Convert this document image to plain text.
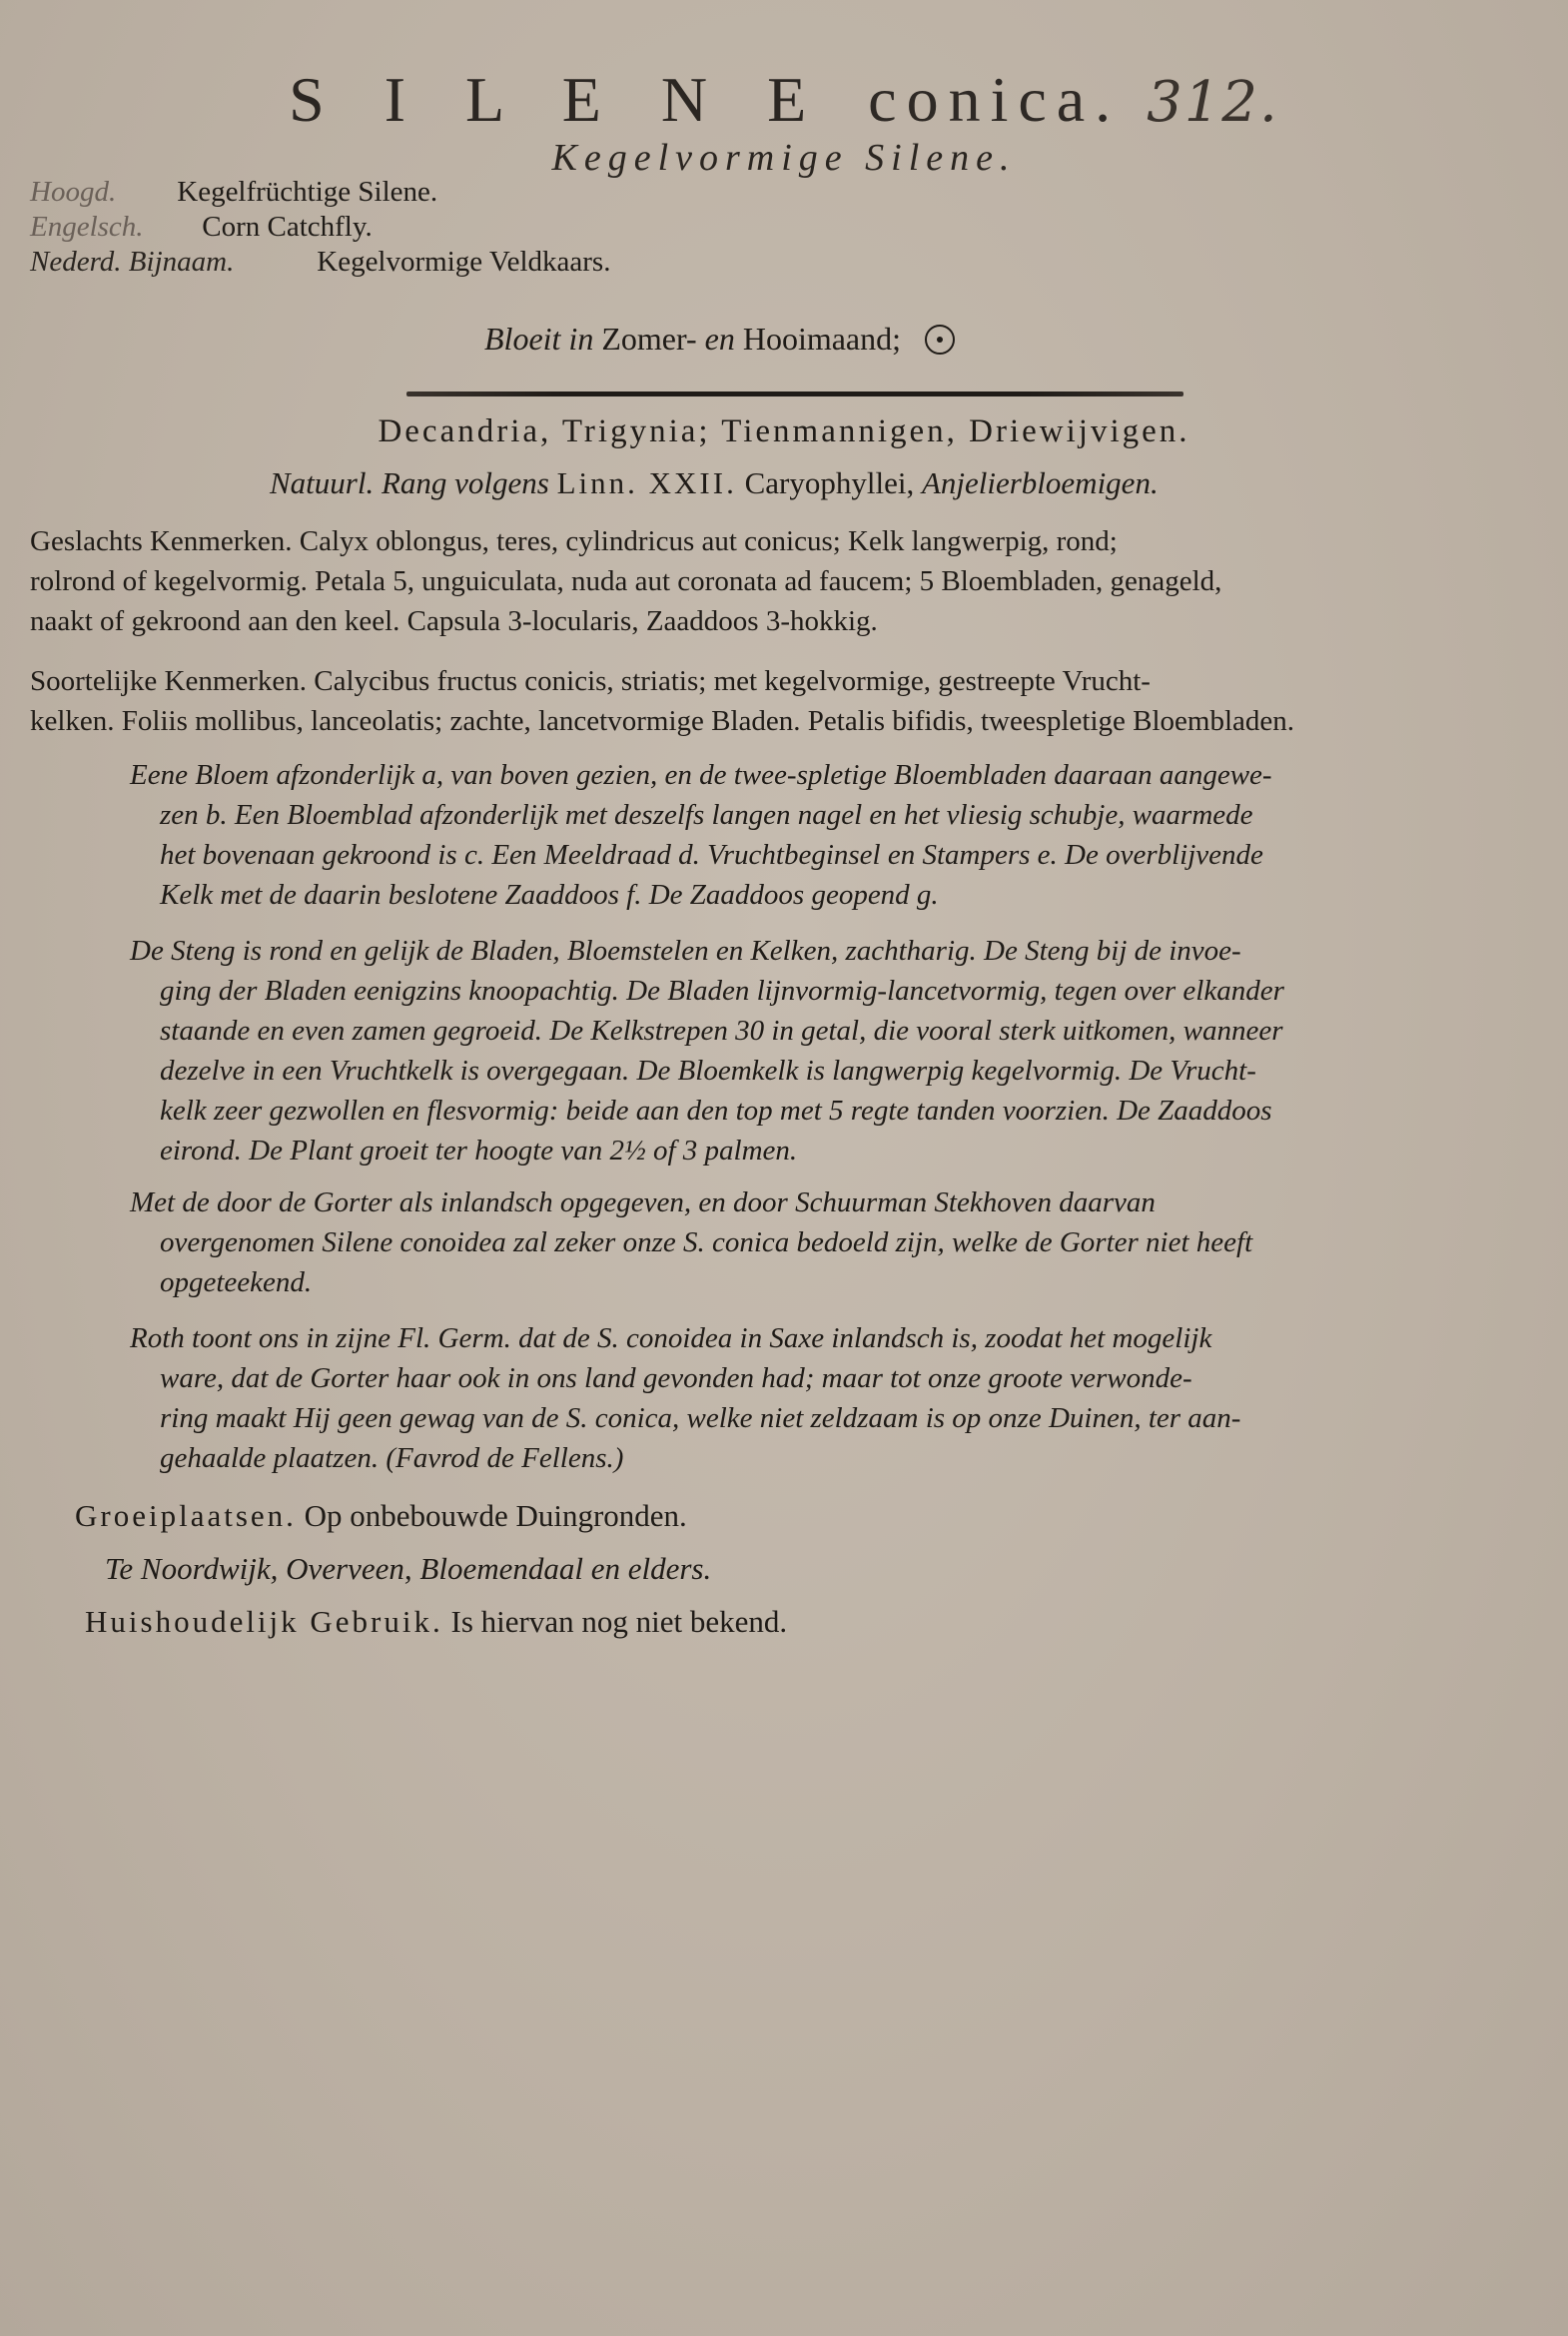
S I L E N E conica. 312.
Kegelvormige Silene.
Hoogd. Kegelfrüchtige Silene.
Engelsch. Corn Catchfly.
Nederd. Bijnaam.	Kegelvormige Veldkaars.
Bloeit in Zomer- en Hooimaand;
Decandria, Trigynia; Tienmannigen, Driewijvigen.
Natuurl. Rang volgens Linn. XXII. Caryophyllei, Anjelierbloemigen.
Geslachts Kenmerken. Calyx oblongus, teres, cylindricus aut conicus; Kelk langwerpig, rond;
rolrond of kegelvormig. Petala 5, unguiculata, nuda aut coronata ad faucem; 5 Bloembladen, genageld,
naakt of gekroond aan den keel. Capsula 3-locularis, Zaaddoos 3-hokkig.
Soortelijke Kenmerken. Calycibus fructus conicis, striatis; met kegelvormige, gestreepte Vrucht-
kelken. Foliis mollibus, lanceolatis; zachte, lancetvormige Bladen. Petalis bifidis, tweespletige Bloembladen.
Eene Bloem afzonderlijk a, van boven gezien, en de twee-spletige Bloembladen daaraan aangewe-
zen b. Een Bloemblad afzonderlijk met deszelfs langen nagel en het vliesig schubje, waarmede
het bovenaan gekroond is c. Een Meeldraad d. Vruchtbeginsel en Stampers e. De overblijvende
Kelk met de daarin beslotene Zaaddoos f. De Zaaddoos geopend g.
De Steng is rond en gelijk de Bladen, Bloemstelen en Kelken, zachtharig. De Steng bij de invoe-
ging der Bladen eenigzins knoopachtig. De Bladen lijnvormig-lancetvormig, tegen over elkander
staande en even zamen gegroeid. De Kelkstrepen 30 in getal, die vooral sterk uitkomen, wanneer
dezelve in een Vruchtkelk is overgegaan. De Bloemkelk is langwerpig kegelvormig. De Vrucht-
kelk zeer gezwollen en flesvormig: beide aan den top met 5 regte tanden voorzien. De Zaaddoos
eirond. De Plant groeit ter hoogte van 2½ of 3 palmen.
Met de door de Gorter als inlandsch opgegeven, en door Schuurman Stekhoven daarvan
overgenomen Silene conoidea zal zeker onze S. conica bedoeld zijn, welke de Gorter niet heeft
opgeteekend.
Roth toont ons in zijne Fl. Germ. dat de S. conoidea in Saxe inlandsch is, zoodat het mogelijk
ware, dat de Gorter haar ook in ons land gevonden had; maar tot onze groote verwonde-
ring maakt Hij geen gewag van de S. conica, welke niet zeldzaam is op onze Duinen, ter aan-
gehaalde plaatzen. (Favrod de Fellens.)
Groeiplaatsen. Op onbebouwde Duingronden.
Te Noordwijk, Overveen, Bloemendaal en elders.
Huishoudelijk Gebruik. Is hiervan nog niet bekend.
